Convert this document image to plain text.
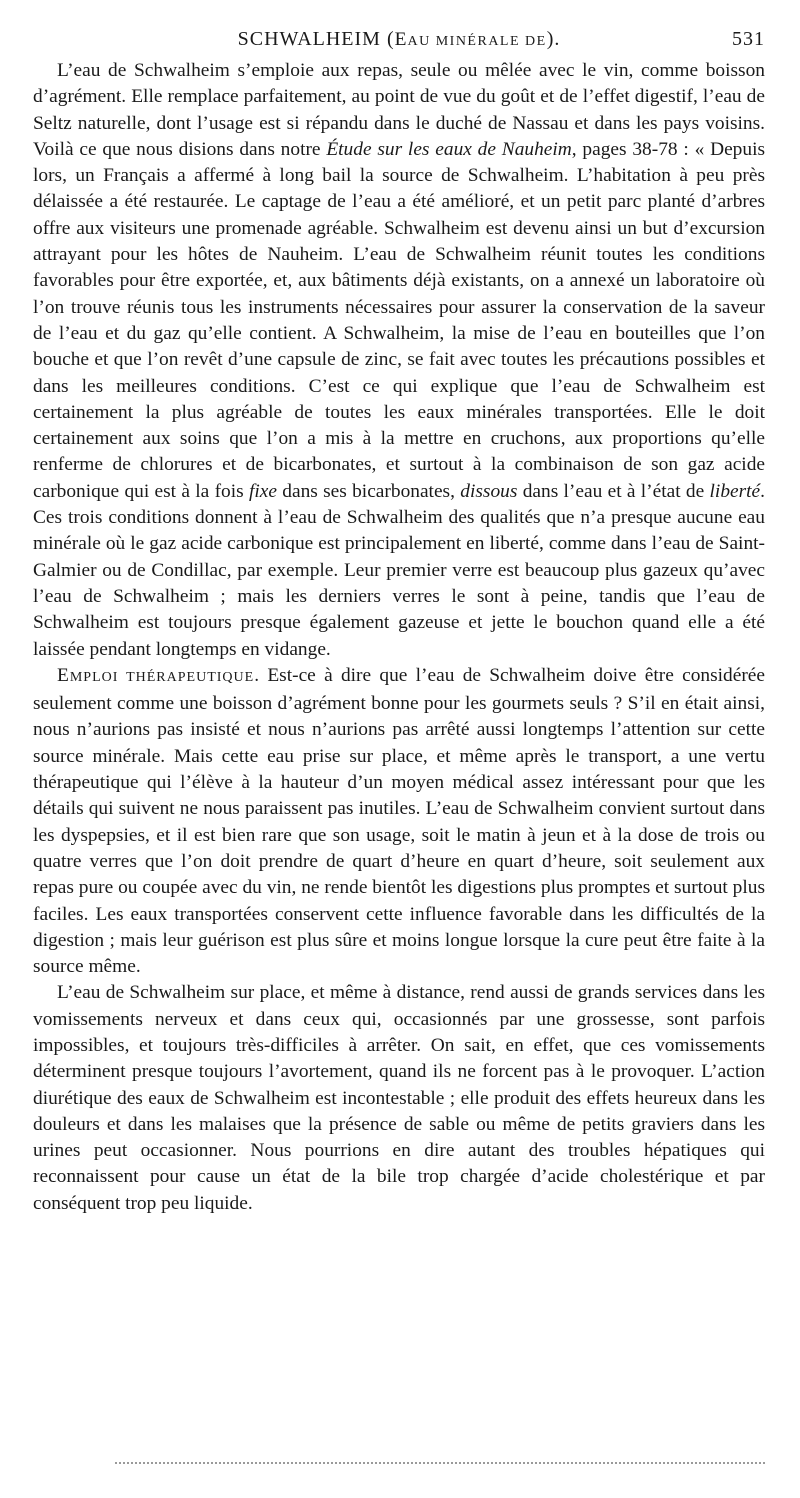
SCHWALHEIM (EAU MINÉRALE DE).	531

L’eau de Schwalheim s’emploie aux repas, seule ou mêlée avec le vin, comme boisson d’agrément. Elle remplace parfaitement, au point de vue du goût et de l’effet digestif, l’eau de Seltz naturelle, dont l’usage est si répandu dans le duché de Nassau et dans les pays voisins. Voilà ce que nous disions dans notre Étude sur les eaux de Nauheim, pages 38-78 : « Depuis lors, un Français a affermé à long bail la source de Schwalheim. L’habitation à peu près délaissée a été restaurée. Le captage de l’eau a été amélioré, et un petit parc planté d’arbres offre aux visiteurs une promenade agréable. Schwalheim est devenu ainsi un but d’excursion attrayant pour les hôtes de Nauheim. L’eau de Schwalheim réunit toutes les conditions favorables pour être exportée, et, aux bâtiments déjà existants, on a annexé un laboratoire où l’on trouve réunis tous les instruments nécessaires pour assurer la conservation de la saveur de l’eau et du gaz qu’elle contient. A Schwalheim, la mise de l’eau en bouteilles que l’on bouche et que l’on revêt d’une capsule de zinc, se fait avec toutes les précautions possibles et dans les meilleures conditions. C’est ce qui explique que l’eau de Schwalheim est certainement la plus agréable de toutes les eaux minérales transportées. Elle le doit certainement aux soins que l’on a mis à la mettre en cruchons, aux proportions qu’elle renferme de chlorures et de bicarbonates, et surtout à la combinaison de son gaz acide carbonique qui est à la fois fixe dans ses bicarbonates, dissous dans l’eau et à l’état de liberté. Ces trois conditions donnent à l’eau de Schwalheim des qualités que n’a presque aucune eau minérale où le gaz acide carbonique est principalement en liberté, comme dans l’eau de Saint-Galmier ou de Condillac, par exemple. Leur premier verre est beaucoup plus gazeux qu’avec l’eau de Schwalheim ; mais les derniers verres le sont à peine, tandis que l’eau de Schwalheim est toujours presque également gazeuse et jette le bouchon quand elle a été laissée pendant longtemps en vidange.

EMPLOI THÉRAPEUTIQUE. Est-ce à dire que l’eau de Schwalheim doive être considérée seulement comme une boisson d’agrément bonne pour les gourmets seuls ? S’il en était ainsi, nous n’aurions pas insisté et nous n’aurions pas arrêté aussi longtemps l’attention sur cette source minérale. Mais cette eau prise sur place, et même après le transport, a une vertu thérapeutique qui l’élève à la hauteur d’un moyen médical assez intéressant pour que les détails qui suivent ne nous paraissent pas inutiles. L’eau de Schwalheim convient surtout dans les dyspepsies, et il est bien rare que son usage, soit le matin à jeun et à la dose de trois ou quatre verres que l’on doit prendre de quart d’heure en quart d’heure, soit seulement aux repas pure ou coupée avec du vin, ne rende bientôt les digestions plus promptes et surtout plus faciles. Les eaux transportées conservent cette influence favorable dans les difficultés de la digestion ; mais leur guérison est plus sûre et moins longue lorsque la cure peut être faite à la source même.

L’eau de Schwalheim sur place, et même à distance, rend aussi de grands services dans les vomissements nerveux et dans ceux qui, occasionnés par une grossesse, sont parfois impossibles, et toujours très-difficiles à arrêter. On sait, en effet, que ces vomissements déterminent presque toujours l’avortement, quand ils ne forcent pas à le provoquer. L’action diurétique des eaux de Schwalheim est incontestable ; elle produit des effets heureux dans les douleurs et dans les malaises que la présence de sable ou même de petits graviers dans les urines peut occasionner. Nous pourrions en dire autant des troubles hépatiques qui reconnaissent pour cause un état de la bile trop chargée d’acide cholestérique et par conséquent trop peu liquide.
